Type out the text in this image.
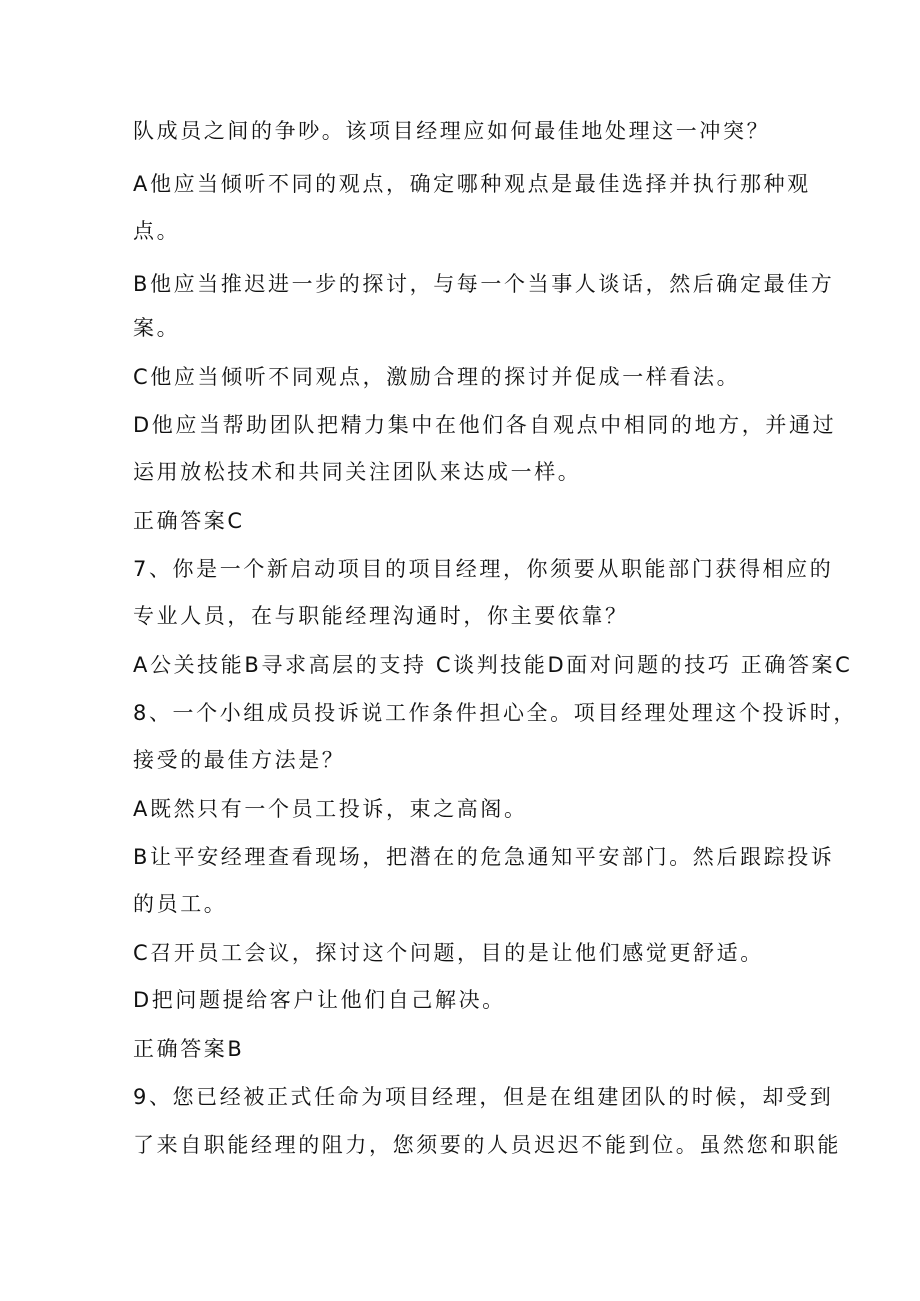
队成员之间的争吵。该项目经理应如何最佳地处理这一冲突？
A他应当倾听不同的观点，确定哪种观点是最佳选择并执行那种观
点。
B他应当推迟进一步的探讨，与每一个当事人谈话，然后确定最佳方
案。
C他应当倾听不同观点，激励合理的探讨并促成一样看法。
D他应当帮助团队把精力集中在他们各自观点中相同的地方，并通过
运用放松技术和共同关注团队来达成一样。
正确答案C
7、你是一个新启动项目的项目经理，你须要从职能部门获得相应的
专业人员，在与职能经理沟通时，你主要依靠？
A公关技能B寻求高层的支持 C谈判技能D面对问题的技巧 正确答案C
8、一个小组成员投诉说工作条件担心全。项目经理处理这个投诉时，
接受的最佳方法是？
A既然只有一个员工投诉，束之高阁。
B让平安经理查看现场，把潜在的危急通知平安部门。然后跟踪投诉
的员工。
C召开员工会议，探讨这个问题，目的是让他们感觉更舒适。
D把问题提给客户让他们自己解决。
正确答案B
9、您已经被正式任命为项目经理，但是在组建团队的时候，却受到
了来自职能经理的阻力，您须要的人员迟迟不能到位。虽然您和职能
